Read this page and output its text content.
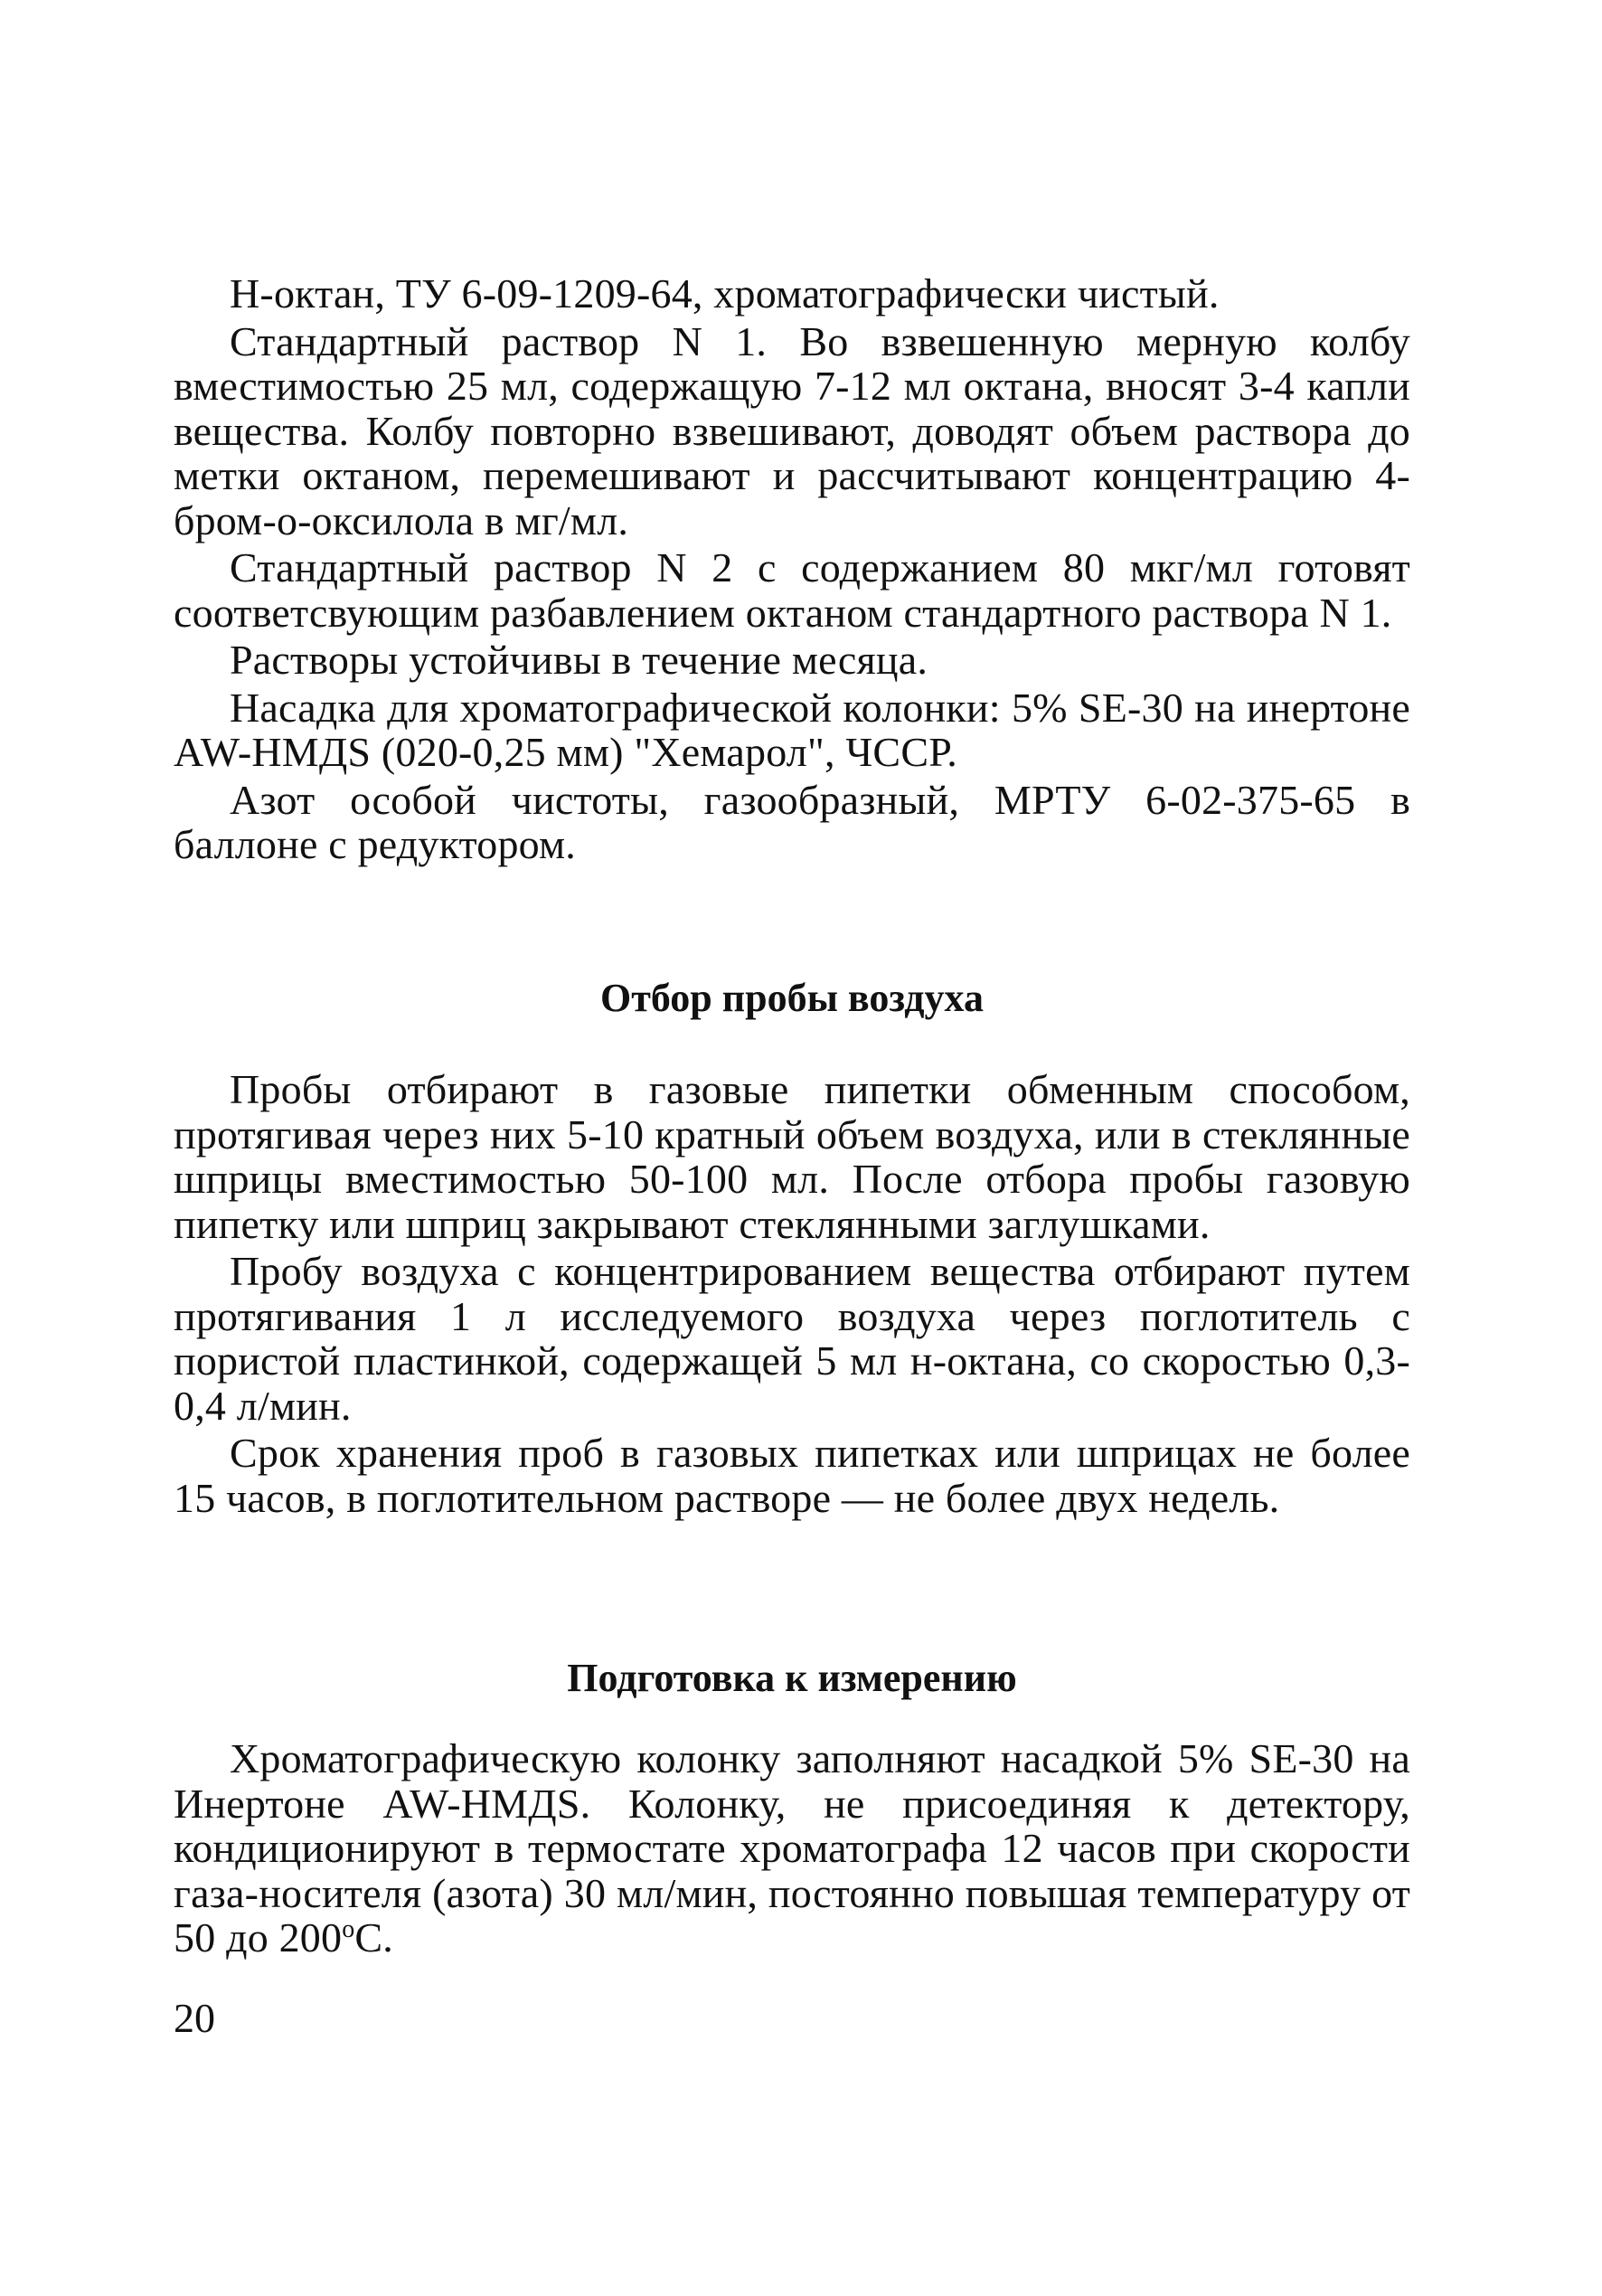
Н-октан, ТУ 6-09-1209-64, хроматографически чистый.

Стандартный раствор N 1. Во взвешенную мерную колбу вместимостью 25 мл, содержащую 7-12 мл октана, вносят 3-4 капли вещества. Колбу повторно взвешивают, доводят объем раствора до метки октаном, перемешивают и рассчитывают концентрацию 4-бром-о-оксилола в мг/мл.

Стандартный раствор N 2 с содержанием 80 мкг/мл готовят соответсвующим разбавлением октаном стандартного раствора N 1.

Растворы устойчивы в течение месяца.

Насадка для хроматографической колонки: 5% SE-30 на инертоне AW-НМДS (020-0,25 мм) "Хемарол", ЧССР.

Азот особой чистоты, газообразный, МРТУ 6-02-375-65 в баллоне с редуктором.

Отбор пробы воздуха

Пробы отбирают в газовые пипетки обменным способом, протягивая через них 5-10 кратный объем воздуха, или в стеклянные шприцы вместимостью 50-100 мл. После отбора пробы газовую пипетку или шприц закрывают стеклянными заглушками.

Пробу воздуха с концентрированием вещества отбирают путем протягивания 1 л исследуемого воздуха через поглотитель с пористой пластинкой, содержащей 5 мл н-октана, со скоростью 0,3-0,4 л/мин.

Срок хранения проб в газовых пипетках или шприцах не более 15 часов, в поглотительном растворе — не более двух недель.

Подготовка к измерению

Хроматографическую колонку заполняют насадкой 5% SE-30 на Инертоне AW-НМДS. Колонку, не присоединяя к детектору, кондиционируют в термостате хроматографа 12 часов при скорости газа-носителя (азота) 30 мл/мин, постоянно повышая температуру от 50 до $200^оС$.

20
